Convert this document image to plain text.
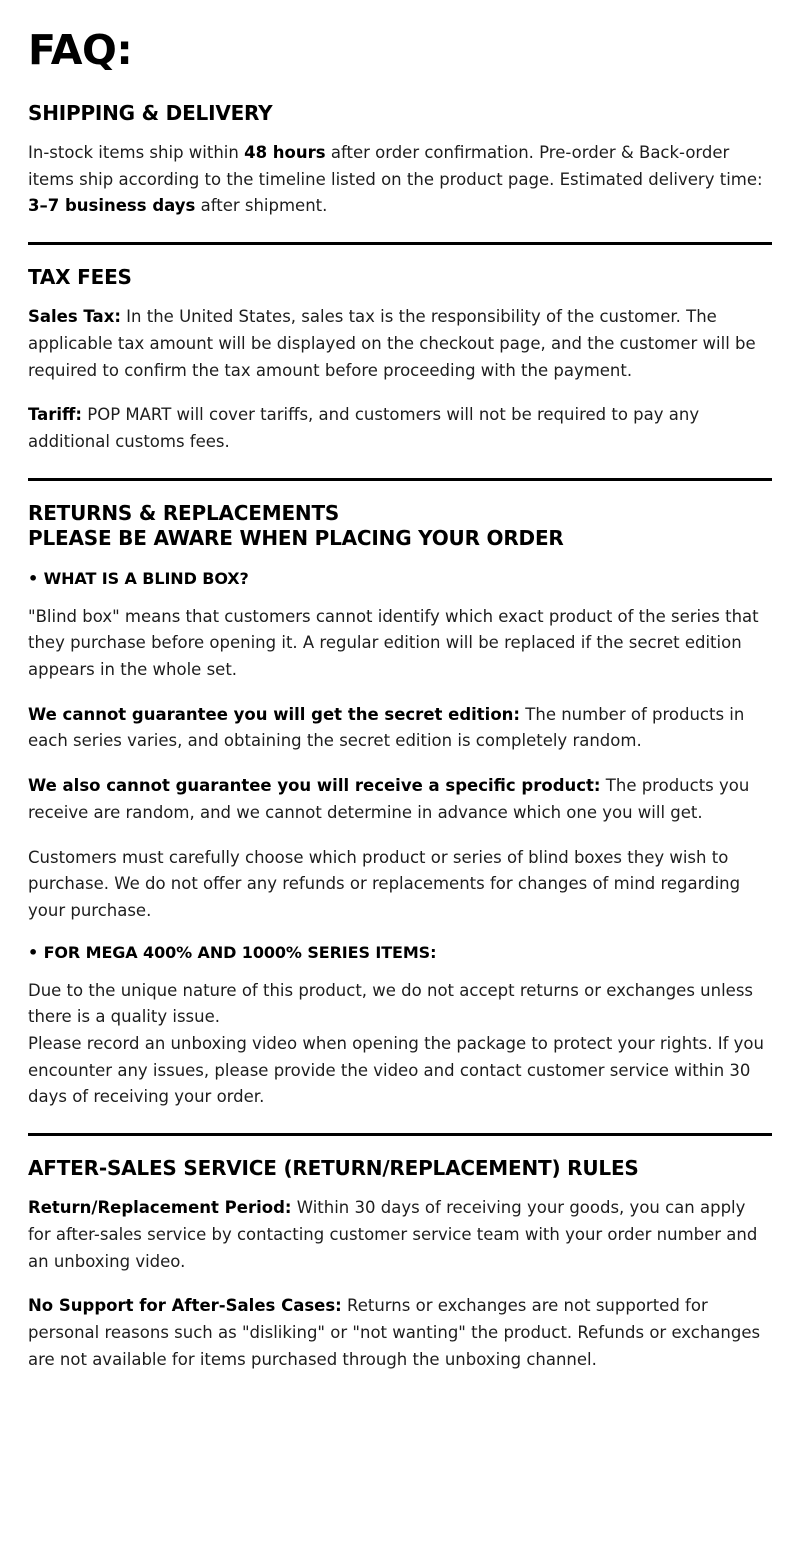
FAQ:
SHIPPING & DELIVERY

In-stock items ship within 48 hours after order confirmation. Pre-order & Back-order items ship according to the timeline listed on the product page. Estimated delivery time: 3–7 business days after shipment.

TAX FEES

Sales Tax: In the United States, sales tax is the responsibility of the customer. The applicable tax amount will be displayed on the checkout page, and the customer will be required to confirm the tax amount before proceeding with the payment.

Tariff: POP MART will cover tariffs, and customers will not be required to pay any additional customs fees.

RETURNS & REPLACEMENTS
PLEASE BE AWARE WHEN PLACING YOUR ORDER
• WHAT IS A BLIND BOX?

"Blind box" means that customers cannot identify which exact product of the series that they purchase before opening it. A regular edition will be replaced if the secret edition appears in the whole set.

We cannot guarantee you will get the secret edition: The number of products in each series varies, and obtaining the secret edition is completely random.

We also cannot guarantee you will receive a specific product: The products you receive are random, and we cannot determine in advance which one you will get.

Customers must carefully choose which product or series of blind boxes they wish to purchase. We do not offer any refunds or replacements for changes of mind regarding your purchase.

• FOR MEGA 400% AND 1000% SERIES ITEMS:

Due to the unique nature of this product, we do not accept returns or exchanges unless there is a quality issue.
Please record an unboxing video when opening the package to protect your rights. If you encounter any issues, please provide the video and contact customer service within 30 days of receiving your order.

AFTER-SALES SERVICE (RETURN/REPLACEMENT) RULES

Return/Replacement Period: Within 30 days of receiving your goods, you can apply for after-sales service by contacting customer service team with your order number and an unboxing video.

No Support for After-Sales Cases: Returns or exchanges are not supported for personal reasons such as "disliking" or "not wanting" the product. Refunds or exchanges are not available for items purchased through the unboxing channel.
